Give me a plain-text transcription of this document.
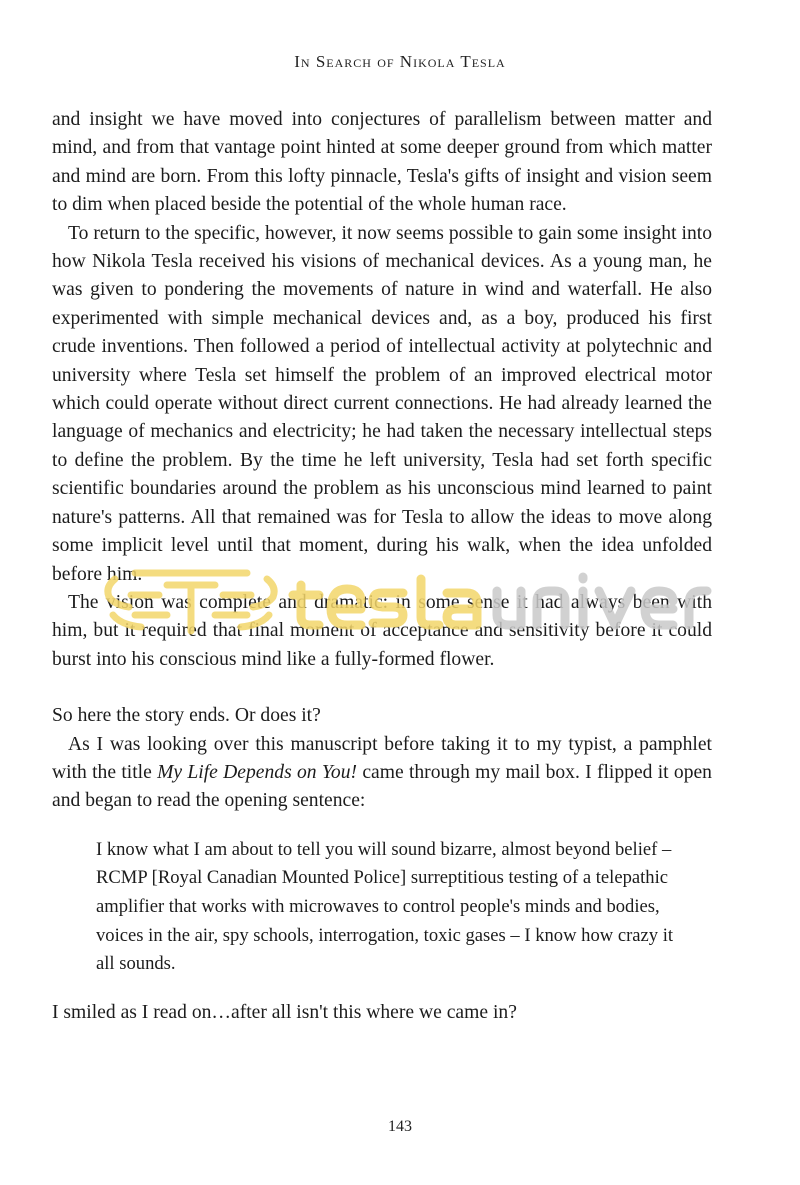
In Search of Nikola Tesla

and insight we have moved into conjectures of parallelism between matter and mind, and from that vantage point hinted at some deeper ground from which matter and mind are born. From this lofty pinnacle, Tesla's gifts of insight and vision seem to dim when placed beside the potential of the whole human race.

To return to the specific, however, it now seems possible to gain some insight into how Nikola Tesla received his visions of mechanical devices. As a young man, he was given to pondering the movements of nature in wind and waterfall. He also experimented with simple mechanical devices and, as a boy, produced his first crude inventions. Then followed a period of intellectual activity at polytechnic and university where Tesla set himself the problem of an improved electrical motor which could operate without direct current connections. He had already learned the language of mechanics and electricity; he had taken the necessary intellectual steps to define the problem. By the time he left university, Tesla had set forth specific scientific boundaries around the problem as his unconscious mind learned to paint nature's patterns. All that remained was for Tesla to allow the ideas to move along some implicit level until that moment, during his walk, when the idea unfolded before him.

The vision was complete and dramatic: in some sense it had always been with him, but it required that final moment of acceptance and sensitivity before it could burst into his conscious mind like a fully-formed flower.

So here the story ends. Or does it?

As I was looking over this manuscript before taking it to my typist, a pamphlet with the title My Life Depends on You! came through my mail box. I flipped it open and began to read the opening sentence:

I know what I am about to tell you will sound bizarre, almost beyond belief – RCMP [Royal Canadian Mounted Police] surreptitious testing of a telepathic amplifier that works with microwaves to control people's minds and bodies, voices in the air, spy schools, interrogation, toxic gases – I know how crazy it all sounds.

I smiled as I read on…after all isn't this where we came in?

143
